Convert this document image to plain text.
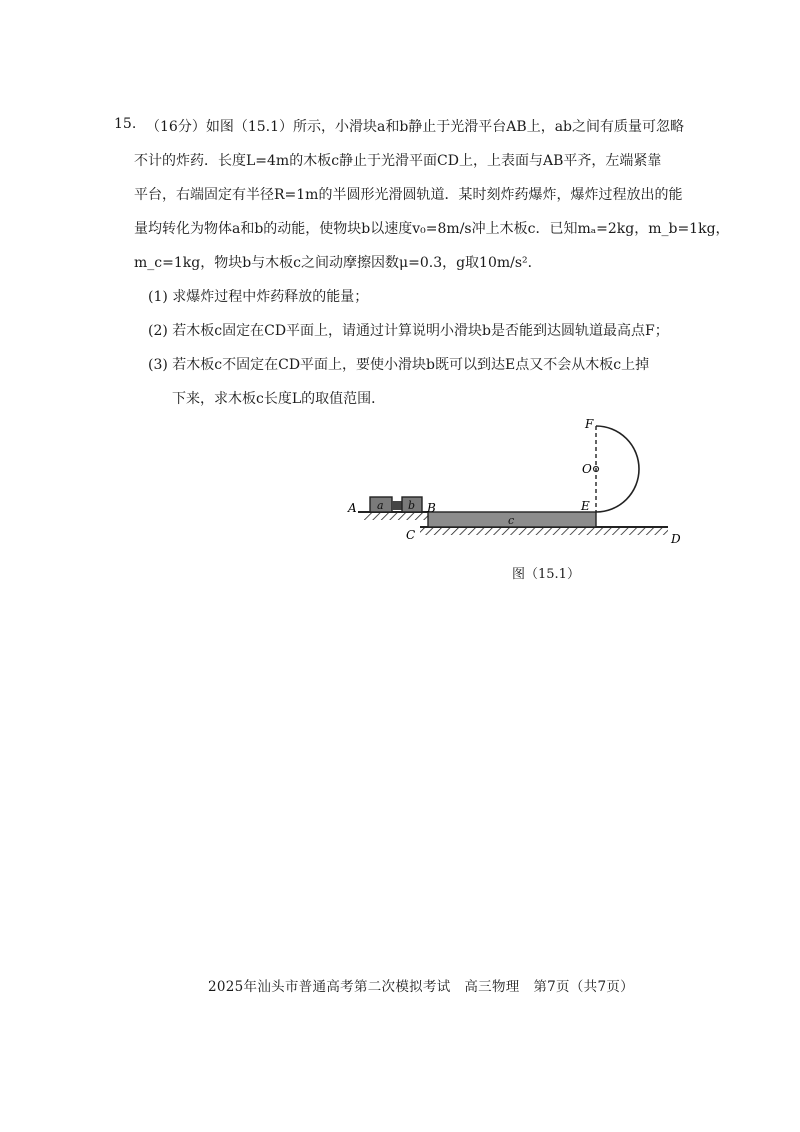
15. （16分）如图（15.1）所示，小滑块a和b静止于光滑平台AB上，ab之间有质量可忽略
不计的炸药．长度L=4m的木板c静止于光滑平面CD上，上表面与AB平齐，左端紧靠
平台，右端固定有半径R=1m的半圆形光滑圆轨道．某时刻炸药爆炸，爆炸过程放出的能
量均转化为物体a和b的动能，使物块b以速度v₀=8m/s冲上木板c．已知mₐ=2kg，m_b=1kg，
m_c=1kg，物块b与木板c之间动摩擦因数μ=0.3，g取10m/s²．
(1) 求爆炸过程中炸药释放的能量；
(2) 若木板c固定在CD平面上，请通过计算说明小滑块b是否能到达圆轨道最高点F；
(3) 若木板c不固定在CD平面上，要使小滑块b既可以到达E点又不会从木板c上掉
下来，求木板c长度L的取值范围．
A	B
C	D
E
F
O
a b
c
图（15.1）
2025年汕头市普通高考第二次模拟考试　高三物理　第7页（共7页）
